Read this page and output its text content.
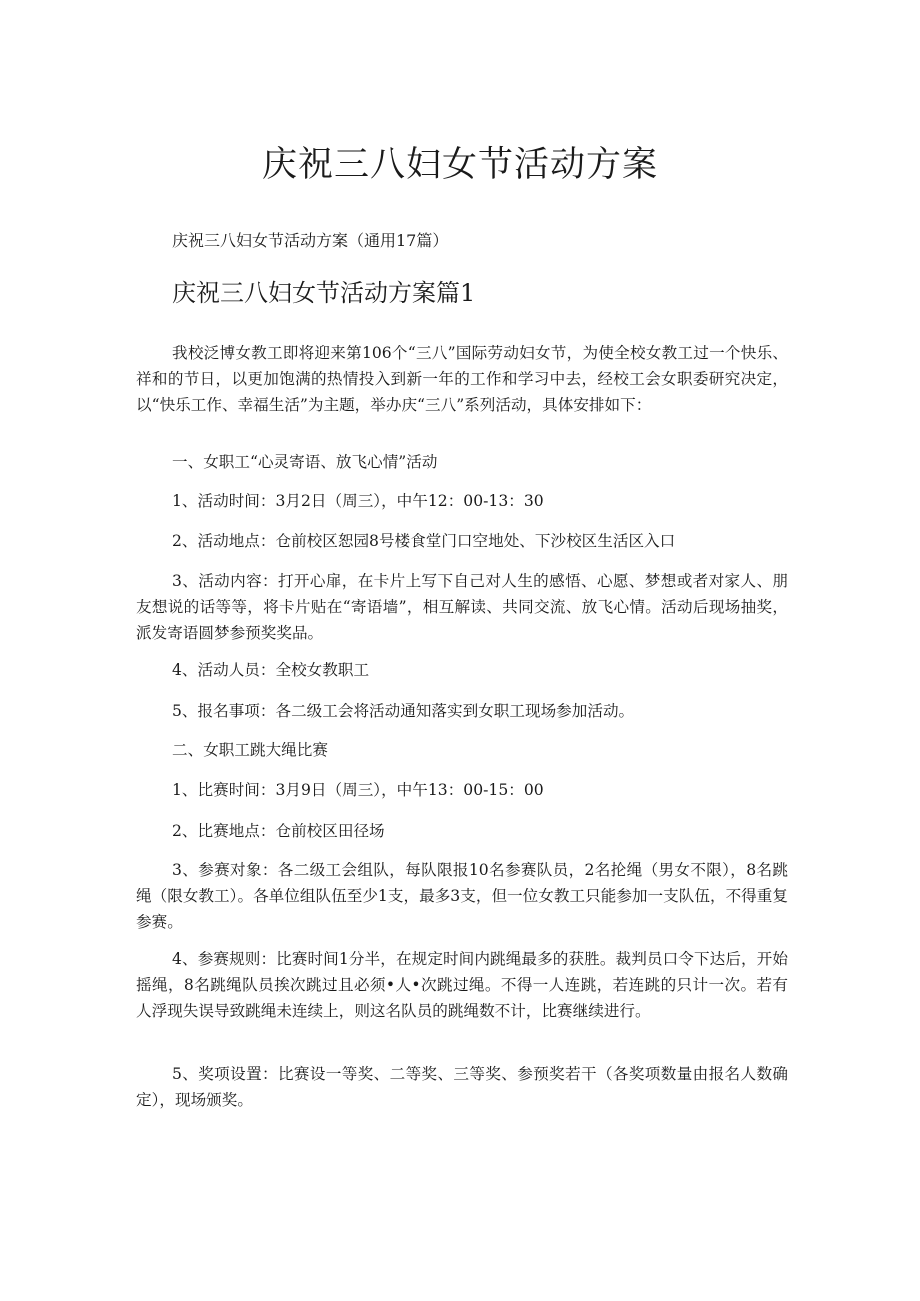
庆祝三八妇女节活动方案

庆祝三八妇女节活动方案（通用17篇）

庆祝三八妇女节活动方案篇1

我校泛博女教工即将迎来第106个“三八”国际劳动妇女节，为使全校女教工过一个快乐、祥和的节日，以更加饱满的热情投入到新一年的工作和学习中去，经校工会女职委研究决定，以“快乐工作、幸福生活”为主题，举办庆“三八”系列活动，具体安排如下：

一、女职工“心灵寄语、放飞心情”活动

1、活动时间：3月2日（周三），中午12：00-13：30

2、活动地点：仓前校区恕园8号楼食堂门口空地处、下沙校区生活区入口

3、活动内容：打开心扉，在卡片上写下自己对人生的感悟、心愿、梦想或者对家人、朋友想说的话等等，将卡片贴在“寄语墙”，相互解读、共同交流、放飞心情。活动后现场抽奖，派发寄语圆梦参预奖奖品。

4、活动人员：全校女教职工

5、报名事项：各二级工会将活动通知落实到女职工现场参加活动。

二、女职工跳大绳比赛

1、比赛时间：3月9日（周三），中午13：00-15：00

2、比赛地点：仓前校区田径场

3、参赛对象：各二级工会组队，每队限报10名参赛队员，2名抡绳（男女不限），8名跳绳（限女教工）。各单位组队伍至少1支，最多3支，但一位女教工只能参加一支队伍，不得重复参赛。

4、参赛规则：比赛时间1分半，在规定时间内跳绳最多的获胜。裁判员口令下达后，开始摇绳，8名跳绳队员挨次跳过且必须•人•次跳过绳。不得一人连跳，若连跳的只计一次。若有人浮现失误导致跳绳未连续上，则这名队员的跳绳数不计，比赛继续进行。

5、奖项设置：比赛设一等奖、二等奖、三等奖、参预奖若干（各奖项数量由报名人数确定），现场颁奖。
